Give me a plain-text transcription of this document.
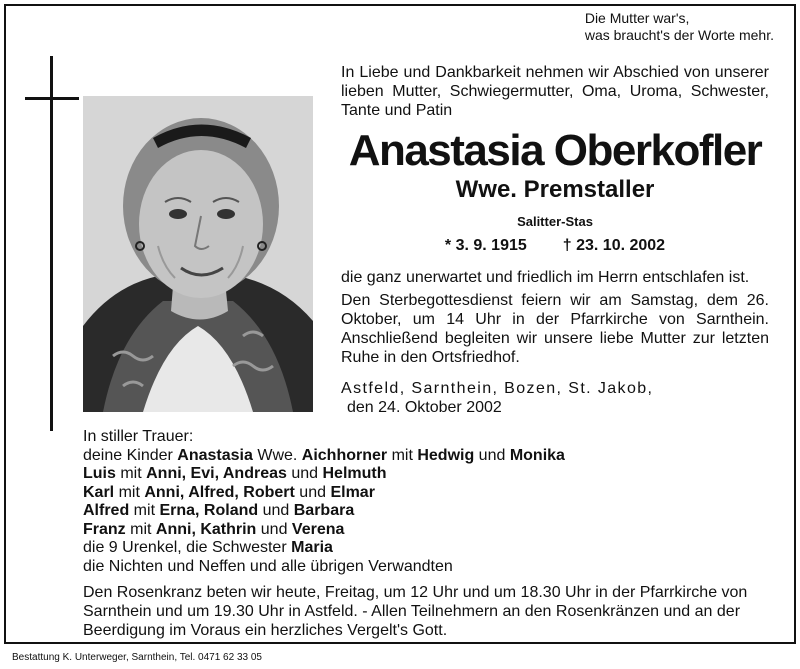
Die Mutter war's,
was braucht's der Worte mehr.
In Liebe und Dankbarkeit nehmen wir Abschied von unserer lieben Mutter, Schwiegermutter, Oma, Uroma, Schwester, Tante und Patin
Anastasia Oberkofler
Wwe. Premstaller
Salitter-Stas
* 3. 9. 1915 † 23. 10. 2002

die ganz unerwartet und friedlich im Herrn entschlafen ist.

Den Sterbegottesdienst feiern wir am Samstag, dem 26. Oktober, um 14 Uhr in der Pfarrkirche von Sarnthein. Anschließend begleiten wir unsere liebe Mutter zur letzten Ruhe in den Ortsfriedhof.

Astfeld, Sarnthein, Bozen, St. Jakob,
den 24. Oktober 2002
In stiller Trauer:
deine Kinder Anastasia Wwe. Aichhorner mit Hedwig und Monika
Luis mit Anni, Evi, Andreas und Helmuth
Karl mit Anni, Alfred, Robert und Elmar
Alfred mit Erna, Roland und Barbara
Franz mit Anni, Kathrin und Verena
die 9 Urenkel, die Schwester Maria
die Nichten und Neffen und alle übrigen Verwandten
Den Rosenkranz beten wir heute, Freitag, um 12 Uhr und um 18.30 Uhr in der Pfarrkirche von Sarnthein und um 19.30 Uhr in Astfeld. - Allen Teilnehmern an den Rosenkränzen und an der Beerdigung im Voraus ein herzliches Vergelt's Gott.
Bestattung K. Unterweger, Sarnthein, Tel. 0471 62 33 05
